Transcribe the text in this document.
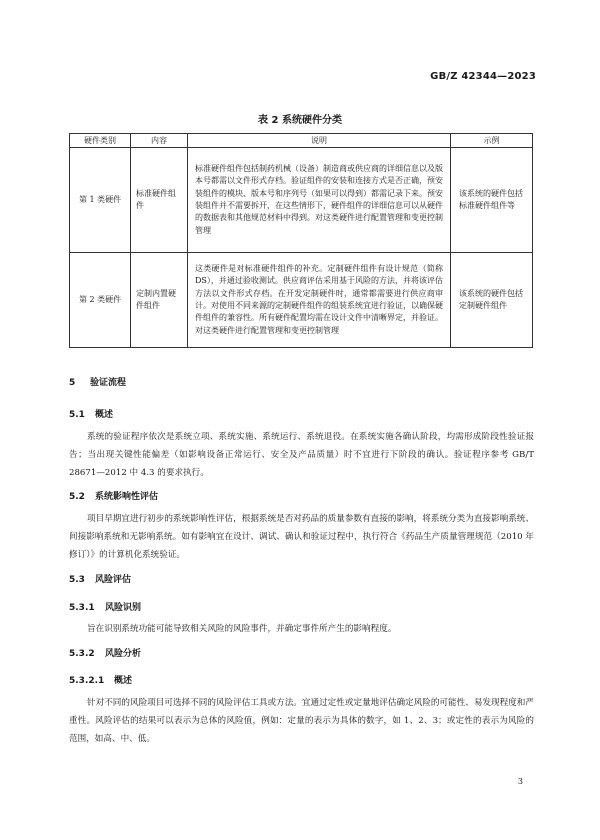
GB/Z 42344—2023
表 2 系统硬件分类
硬件类别	内容	说明	示例
第 1 类硬件	标准硬件组件	标准硬件组件包括制药机械（设备）制造商或供应商的详细信息以及版本号都需以文件形式存档。验证组件的安装和连接方式是否正确，预安装组件的模块、版本号和序列号（如果可以得到）都需记录下来。预安装组件并不需要拆开，在这些情形下，硬件组件的详细信息可以从硬件的数据表和其他规范材料中得到。对这类硬件进行配置管理和变更控制管理	该系统的硬件包括标准硬件组件等
第 2 类硬件	定制内置硬件组件	这类硬件是对标准硬件组件的补充。定制硬件组件有设计规范（简称 DS），并通过验收测试。供应商评估采用基于风险的方法，并将该评估方法以文件形式存档。在开发定制硬件时，通常都需要进行供应商审计。对使用不同来源的定制硬件组件的组装系统宜进行验证，以确保硬件组件的兼容性。所有硬件配置均需在设计文件中清晰界定，并验证。对这类硬件进行配置管理和变更控制管理	该系统的硬件包括定制硬件组件
5 验证流程
5.1 概述
系统的验证程序依次是系统立项、系统实施、系统运行、系统退役。在系统实施各确认阶段，均需形成阶段性验证报告；当出现关键性能偏差（如影响设备正常运行、安全及产品质量）时不宜进行下阶段的确认。验证程序参考 GB/T 28671—2012 中 4.3 的要求执行。
5.2 系统影响性评估
项目早期宜进行初步的系统影响性评估，根据系统是否对药品的质量参数有直接的影响，将系统分类为直接影响系统、间接影响系统和无影响系统。如有影响宜在设计、调试、确认和验证过程中，执行符合《药品生产质量管理规范（2010 年修订）》的计算机化系统验证。
5.3 风险评估
5.3.1 风险识别
旨在识别系统功能可能导致相关风险的风险事件，并确定事件所产生的影响程度。
5.3.2 风险分析
5.3.2.1 概述
针对不同的风险项目可选择不同的风险评估工具或方法。宜通过定性或定量地评估确定风险的可能性、易发现程度和严重性。风险评估的结果可以表示为总体的风险值，例如：定量的表示为具体的数字，如 1、2、3；或定性的表示为风险的范围，如高、中、低。
3
